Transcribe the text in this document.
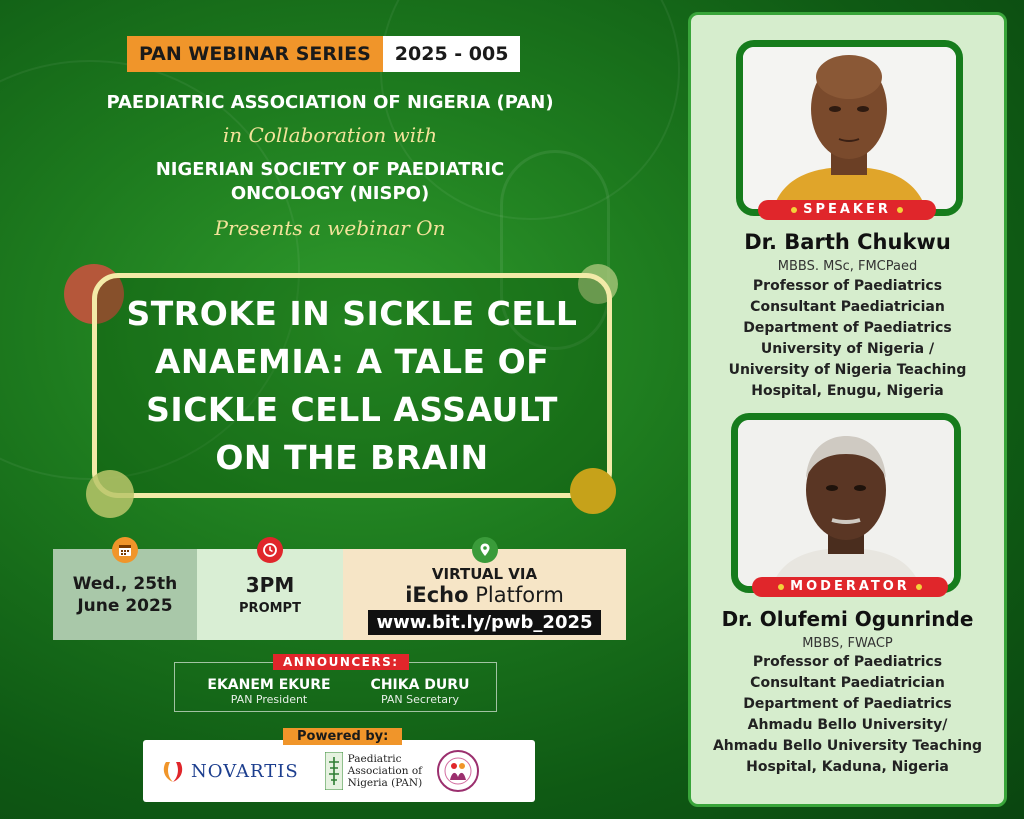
PAN WEBINAR SERIES	2025 - 005
PAEDIATRIC ASSOCIATION OF NIGERIA (PAN)
in Collaboration with
NIGERIAN SOCIETY OF PAEDIATRIC
ONCOLOGY (NISPO)
Presents a webinar On
STROKE IN SICKLE CELL
ANAEMIA: A TALE OF
SICKLE CELL ASSAULT
ON THE BRAIN
Wed., 25th
June 2025
3PM
PROMPT
VIRTUAL VIA
iEcho Platform
www.bit.ly/pwb_2025
EKANEM EKURE
PAN President
CHIKA DURU
PAN Secretary
ANNOUNCERS:
NOVARTIS
Paediatric
Association of
Nigeria (PAN)
Powered by:
SPEAKER
Dr. Barth Chukwu
MBBS. MSc, FMCPaed
Professor of Paediatrics
Consultant Paediatrician
Department of Paediatrics
University of Nigeria /
University of Nigeria Teaching
Hospital, Enugu, Nigeria
MODERATOR
Dr. Olufemi Ogunrinde
MBBS, FWACP
Professor of Paediatrics
Consultant Paediatrician
Department of Paediatrics
Ahmadu Bello University/
Ahmadu Bello University Teaching
Hospital, Kaduna, Nigeria
